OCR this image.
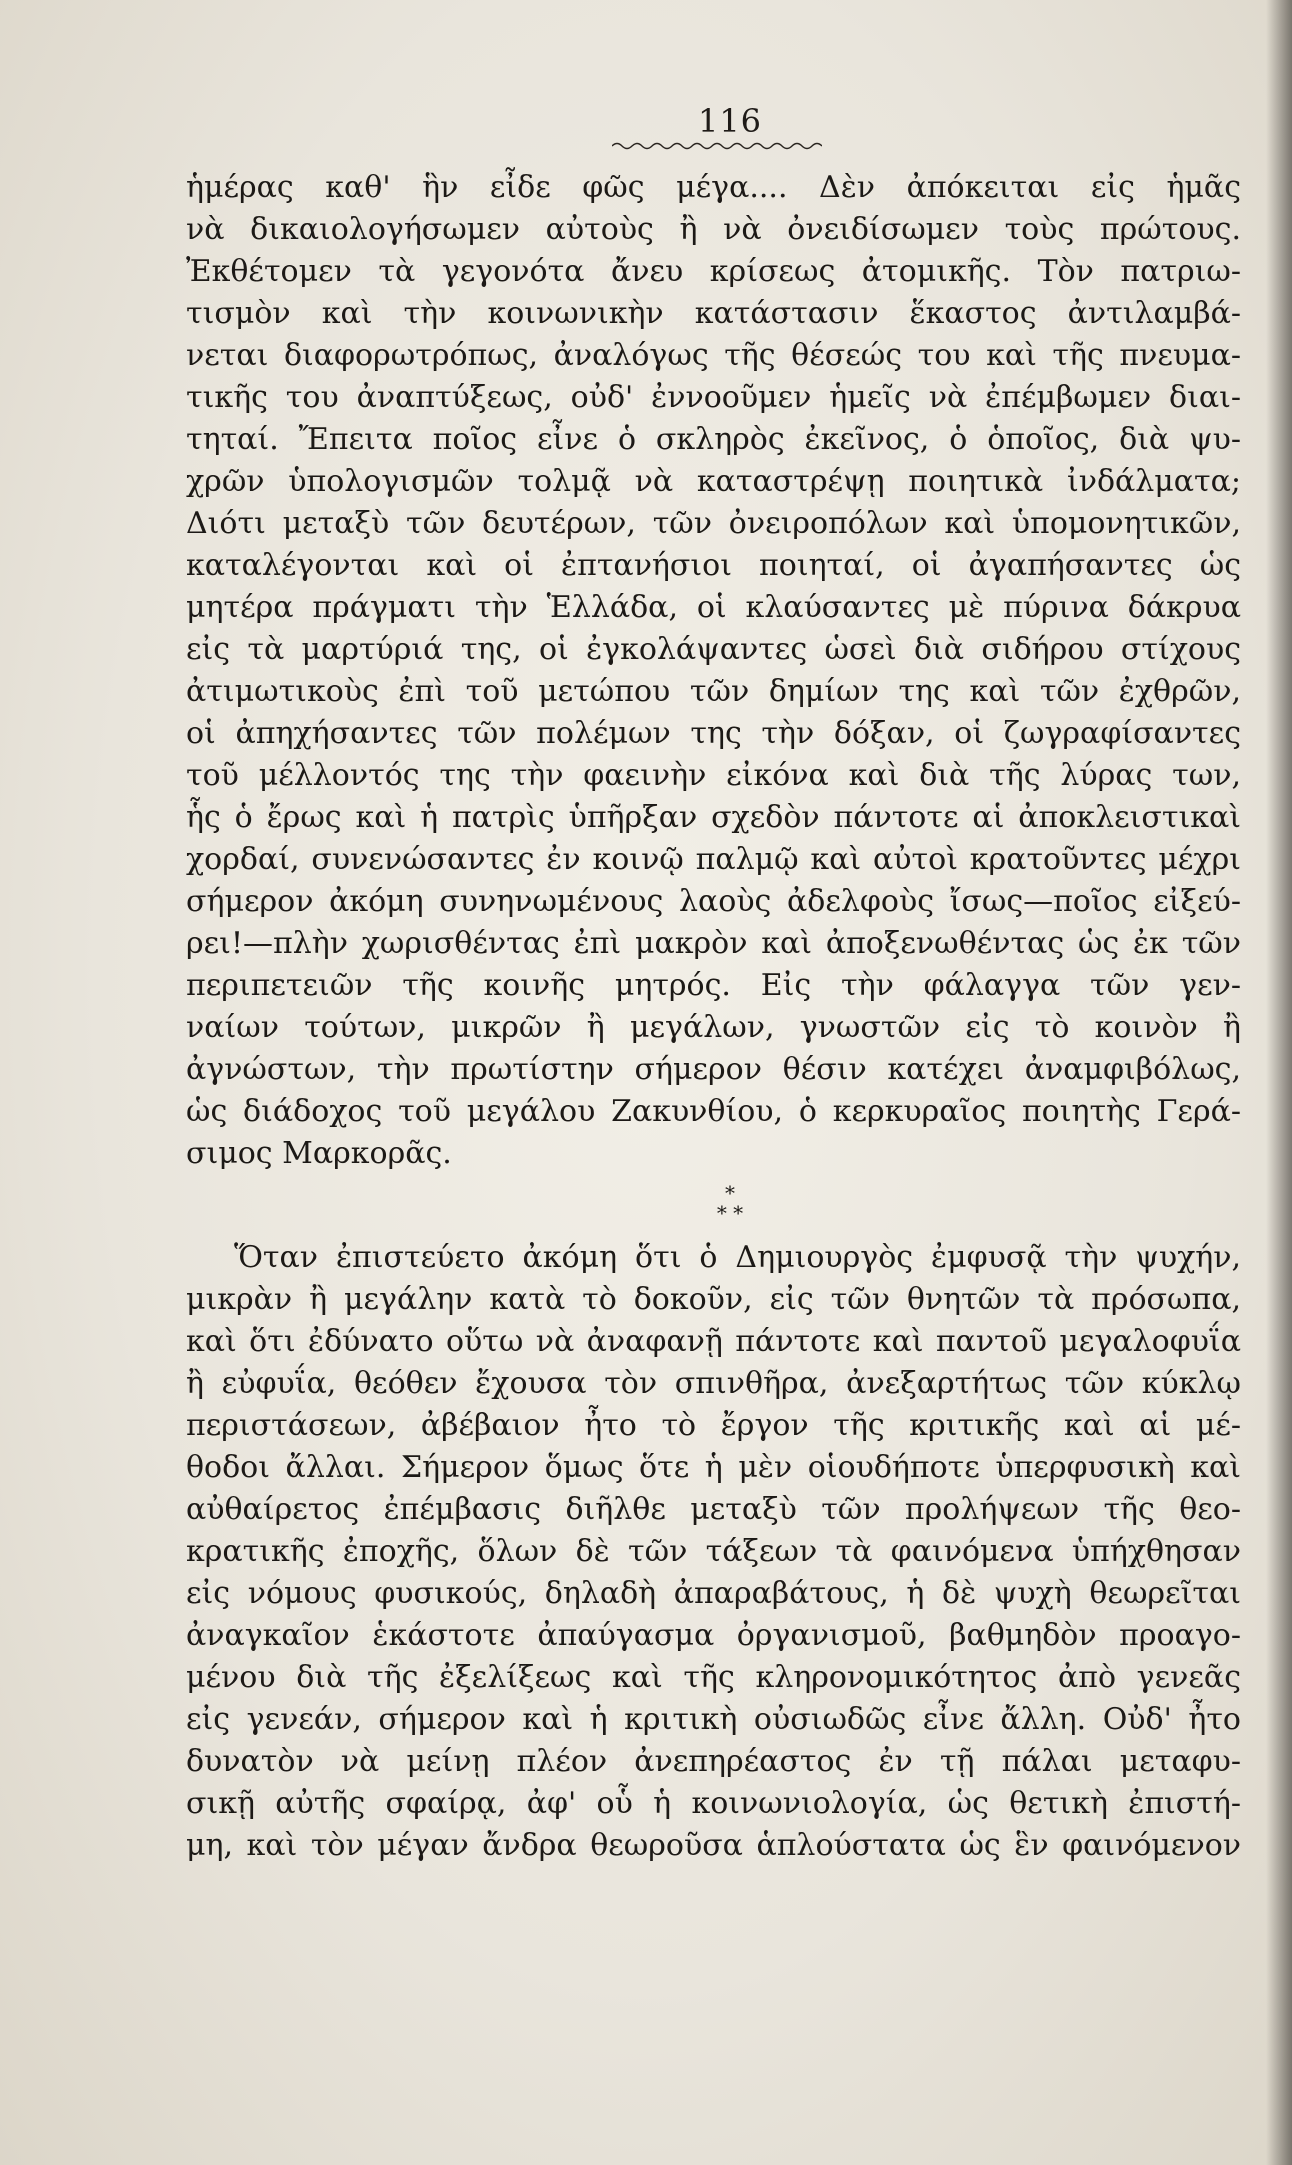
116
ἡμέρας καθ' ἣν εἶδε φῶς μέγα.... Δὲν ἀπόκειται εἰς ἡμᾶς
νὰ δικαιολογήσωμεν αὐτοὺς ἢ νὰ ὀνειδίσωμεν τοὺς πρώτους.
Ἐκθέτομεν τὰ γεγονότα ἄνευ κρίσεως ἀτομικῆς. Τὸν πατριω-
τισμὸν καὶ τὴν κοινωνικὴν κατάστασιν ἕκαστος ἀντιλαμβά-
νεται διαφορωτρόπως, ἀναλόγως τῆς θέσεώς του καὶ τῆς πνευμα-
τικῆς του ἀναπτύξεως, οὐδ' ἐννοοῦμεν ἡμεῖς νὰ ἐπέμβωμεν διαι-
τηταί. Ἔπειτα ποῖος εἶνε ὁ σκληρὸς ἐκεῖνος, ὁ ὁποῖος, διὰ ψυ-
χρῶν ὑπολογισμῶν τολμᾷ νὰ καταστρέψῃ ποιητικὰ ἰνδάλματα;
Διότι μεταξὺ τῶν δευτέρων, τῶν ὀνειροπόλων καὶ ὑπομονητικῶν,
καταλέγονται καὶ οἱ ἐπτανήσιοι ποιηταί, οἱ ἀγαπήσαντες ὡς
μητέρα πράγματι τὴν Ἑλλάδα, οἱ κλαύσαντες μὲ πύρινα δάκρυα
εἰς τὰ μαρτύριά της, οἱ ἐγκολάψαντες ὡσεὶ διὰ σιδήρου στίχους
ἀτιμωτικοὺς ἐπὶ τοῦ μετώπου τῶν δημίων της καὶ τῶν ἐχθρῶν,
οἱ ἀπηχήσαντες τῶν πολέμων της τὴν δόξαν, οἱ ζωγραφίσαντες
τοῦ μέλλοντός της τὴν φαεινὴν εἰκόνα καὶ διὰ τῆς λύρας των,
ἧς ὁ ἔρως καὶ ἡ πατρὶς ὑπῆρξαν σχεδὸν πάντοτε αἱ ἀποκλειστικαὶ
χορδαί, συνενώσαντες ἐν κοινῷ παλμῷ καὶ αὐτοὶ κρατοῦντες μέχρι
σήμερον ἀκόμη συνηνωμένους λαοὺς ἀδελφοὺς ἴσως—ποῖος εἰξεύ-
ρει!—πλὴν χωρισθέντας ἐπὶ μακρὸν καὶ ἀποξενωθέντας ὡς ἐκ τῶν
περιπετειῶν τῆς κοινῆς μητρός. Εἰς τὴν φάλαγγα τῶν γεν-
ναίων τούτων, μικρῶν ἢ μεγάλων, γνωστῶν εἰς τὸ κοινὸν ἢ
ἀγνώστων, τὴν πρωτίστην σήμερον θέσιν κατέχει ἀναμφιβόλως,
ὡς διάδοχος τοῦ μεγάλου Ζακυνθίου, ὁ κερκυραῖος ποιητὴς Γερά-
σιμος Μαρκορᾶς.
*
* *
Ὅταν ἐπιστεύετο ἀκόμη ὅτι ὁ Δημιουργὸς ἐμφυσᾷ τὴν ψυχήν,
μικρὰν ἢ μεγάλην κατὰ τὸ δοκοῦν, εἰς τῶν θνητῶν τὰ πρόσωπα,
καὶ ὅτι ἐδύνατο οὕτω νὰ ἀναφανῇ πάντοτε καὶ παντοῦ μεγαλοφυΐα
ἢ εὐφυΐα, θεόθεν ἔχουσα τὸν σπινθῆρα, ἀνεξαρτήτως τῶν κύκλῳ
περιστάσεων, ἀβέβαιον ἦτο τὸ ἔργον τῆς κριτικῆς καὶ αἱ μέ-
θοδοι ἄλλαι. Σήμερον ὅμως ὅτε ἡ μὲν οἱουδήποτε ὑπερφυσικὴ καὶ
αὐθαίρετος ἐπέμβασις διῆλθε μεταξὺ τῶν προλήψεων τῆς θεο-
κρατικῆς ἐποχῆς, ὅλων δὲ τῶν τάξεων τὰ φαινόμενα ὑπήχθησαν
εἰς νόμους φυσικούς, δηλαδὴ ἀπαραβάτους, ἡ δὲ ψυχὴ θεωρεῖται
ἀναγκαῖον ἑκάστοτε ἀπαύγασμα ὀργανισμοῦ, βαθμηδὸν προαγο-
μένου διὰ τῆς ἐξελίξεως καὶ τῆς κληρονομικότητος ἀπὸ γενεᾶς
εἰς γενεάν, σήμερον καὶ ἡ κριτικὴ οὐσιωδῶς εἶνε ἄλλη. Οὐδ' ἦτο
δυνατὸν νὰ μείνῃ πλέον ἀνεπηρέαστος ἐν τῇ πάλαι μεταφυ-
σικῇ αὐτῆς σφαίρᾳ, ἀφ' οὗ ἡ κοινωνιολογία, ὡς θετικὴ ἐπιστή-
μη, καὶ τὸν μέγαν ἄνδρα θεωροῦσα ἁπλούστατα ὡς ἓν φαινόμενον
